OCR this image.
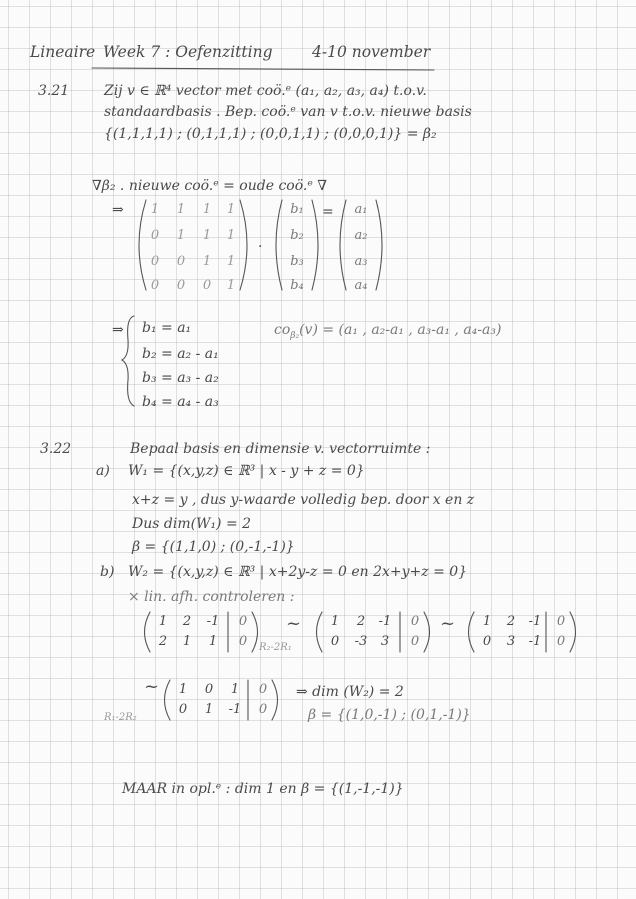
Lineaire Week 7 : Oefenzitting	4-10 november
3.21 Zij v ∈ ℝ⁴ vector met coö.ᵉ (a₁, a₂, a₃, a₄) t.o.v.
standaardbasis . Bep. coö.ᵉ van v t.o.v. nieuwe basis
{(1,1,1,1) ; (0,1,1,1) ; (0,0,1,1) ; (0,0,0,1)} = β₂
∇β₂ . nieuwe coö.ᵉ = oude coö.ᵉ ∇
⇒
·
=
⇒	$co_{\beta_2}(v) = (a_1$ , a₂-a₁ , a₃-a₁ , a₄-a₃)
3.22	Bepaal basis en dimensie v. vectorruimte :
a) W₁ = {(x,y,z) ∈ ℝ³ | x - y + z = 0}
x+z = y , dus y-waarde volledig bep. door x en z
Dus dim(W₁) = 2
β = {(1,1,0) ; (0,-1,-1)}
b) W₂ = {(x,y,z) ∈ ℝ³ | x+2y-z = 0 en 2x+y+z = 0}
× lin. afh. controleren :
R₂-2R₁
~	~
~
R₁-2R₂
⇒ dim (W₂) = 2
β = {(1,0,-1) ; (0,1,-1)}
MAAR in opl.ᵉ : dim 1 en β = {(1,-1,-1)}
1	1	1	1
0	1	1	1
0	0	1	1
0	0	0	1
b₁
b₂
b₃
b₄
a₁
a₂
a₃
a₄
b₁ = a₁
b₂ = a₂ - a₁
b₃ = a₃ - a₂
b₄ = a₄ - a₃
1	2	-1	0
2	1	1	0
1	2	-1	0
0	-3	3	0
1	2	-1	0
0	3	-1	0
1	0	1	0
0	1	-1	0
